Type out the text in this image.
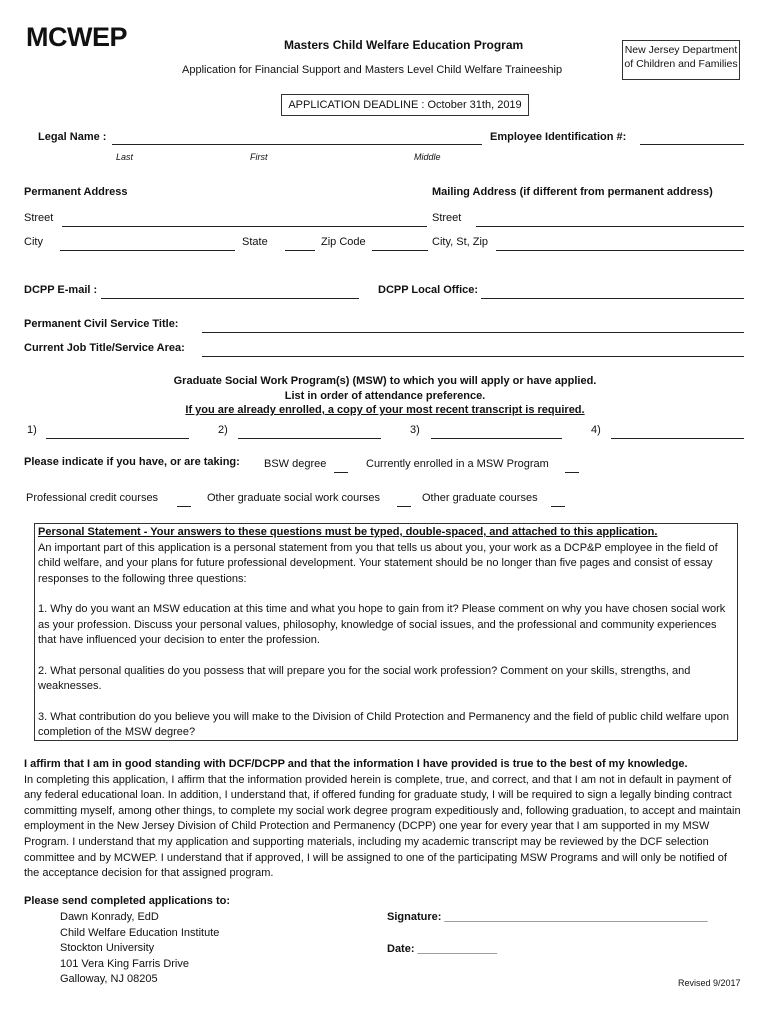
MCWEP	Masters Child Welfare Education Program
Application for Financial Support and Masters Level Child Welfare Traineeship
New Jersey Department
of Children and Families
APPLICATION DEADLINE : October 31th, 2019
Legal Name :	Employee Identification #:
Last	First	Middle
Permanent Address	Mailing Address (if different from permanent address)
Street	Street
City	State	Zip Code	City, St, Zip
DCPP E-mail :	DCPP Local Office:
Permanent Civil Service Title:
Current Job Title/Service Area:
Graduate Social Work Program(s) (MSW) to which you will apply or have applied.
List in order of attendance preference.
If you are already enrolled, a copy of your most recent transcript is required.
1)	2)	3)	4)
Please indicate if you have, or are taking: BSW degree	Currently enrolled in a MSW Program
Professional credit courses	Other graduate social work courses	Other graduate courses
Personal Statement - Your answers to these questions must be typed, double-spaced, and attached to this application.

An important part of this application is a personal statement from you that tells us about you, your work as a DCP&P employee in the field of child welfare, and your plans for future professional development. Your statement should be no longer than five pages and consist of essay responses to the following three questions:

1. Why do you want an MSW education at this time and what you hope to gain from it? Please comment on why you have chosen social work as your profession. Discuss your personal values, philosophy, knowledge of social issues, and the professional and community experiences that have influenced your decision to enter the profession.

2. What personal qualities do you possess that will prepare you for the social work profession? Comment on your skills, strengths, and weaknesses.

3. What contribution do you believe you will make to the Division of Child Protection and Permanency and the field of public child welfare upon completion of the MSW degree?

I affirm that I am in good standing with DCF/DCPP and that the information I have provided is true to the best of my knowledge.

In completing this application, I affirm that the information provided herein is complete, true, and correct, and that I am not in default in payment of any federal educational loan. In addition, I understand that, if offered funding for graduate study, I will be required to sign a legally binding contract committing myself, among other things, to complete my social work degree program expeditiously and, following graduation, to accept and maintain employment in the New Jersey Division of Child Protection and Permanency (DCPP) one year for every year that I am supported in my MSW Program. I understand that my application and supporting materials, including my academic transcript may be reviewed by the DCF selection committee and by MCWEP. I understand that if approved, I will be assigned to one of the participating MSW Programs and will only be notified of the acceptance decision for that assigned program.

Please send completed applications to:
Dawn Konrady, EdD
Child Welfare Education Institute
Stockton University
101 Vera King Farris Drive
Galloway, NJ 08205
Signature: ___________________________________________
Date: _____________
Revised 9/2017
